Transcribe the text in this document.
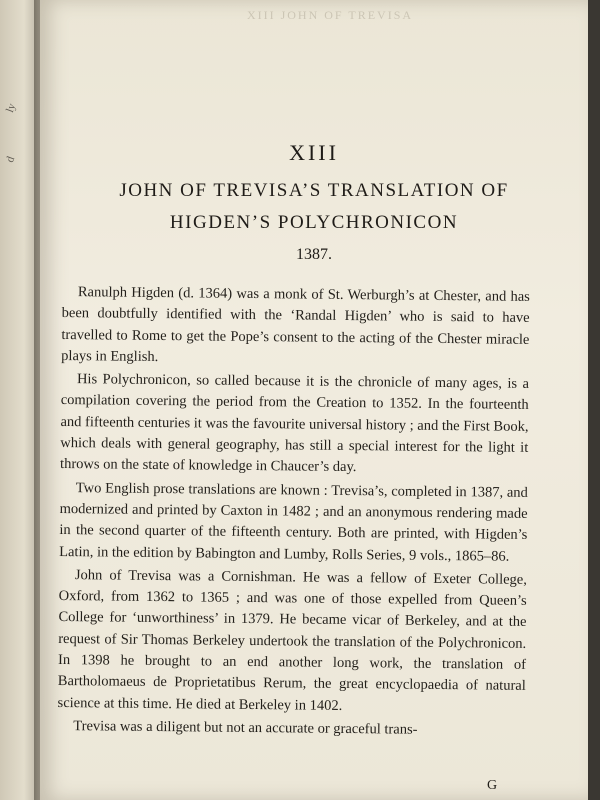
ly
d
XIII JOHN OF TREVISA
XIII
JOHN OF TREVISA’S TRANSLATION OF
HIGDEN’S POLYCHRONICON
1387.

Ranulph Higden (d. 1364) was a monk of St. Werburgh’s at Chester, and has been doubtfully identified with the ‘Randal Higden’ who is said to have travelled to Rome to get the Pope’s consent to the acting of the Chester miracle plays in English.

His Polychronicon, so called because it is the chronicle of many ages, is a compilation covering the period from the Creation to 1352. In the fourteenth and fifteenth centuries it was the favourite universal history ; and the First Book, which deals with general geography, has still a special interest for the light it throws on the state of knowledge in Chaucer’s day.

Two English prose translations are known : Trevisa’s, completed in 1387, and modernized and printed by Caxton in 1482 ; and an anonymous rendering made in the second quarter of the fifteenth century. Both are printed, with Higden’s Latin, in the edition by Babington and Lumby, Rolls Series, 9 vols., 1865–86.

John of Trevisa was a Cornishman. He was a fellow of Exeter College, Oxford, from 1362 to 1365 ; and was one of those expelled from Queen’s College for ‘unworthiness’ in 1379. He became vicar of Berkeley, and at the request of Sir Thomas Berkeley undertook the translation of the Polychronicon. In 1398 he brought to an end another long work, the translation of Bartholomaeus de Proprietatibus Rerum, the great encyclopaedia of natural science at this time. He died at Berkeley in 1402.

Trevisa was a diligent but not an accurate or graceful trans-

G
